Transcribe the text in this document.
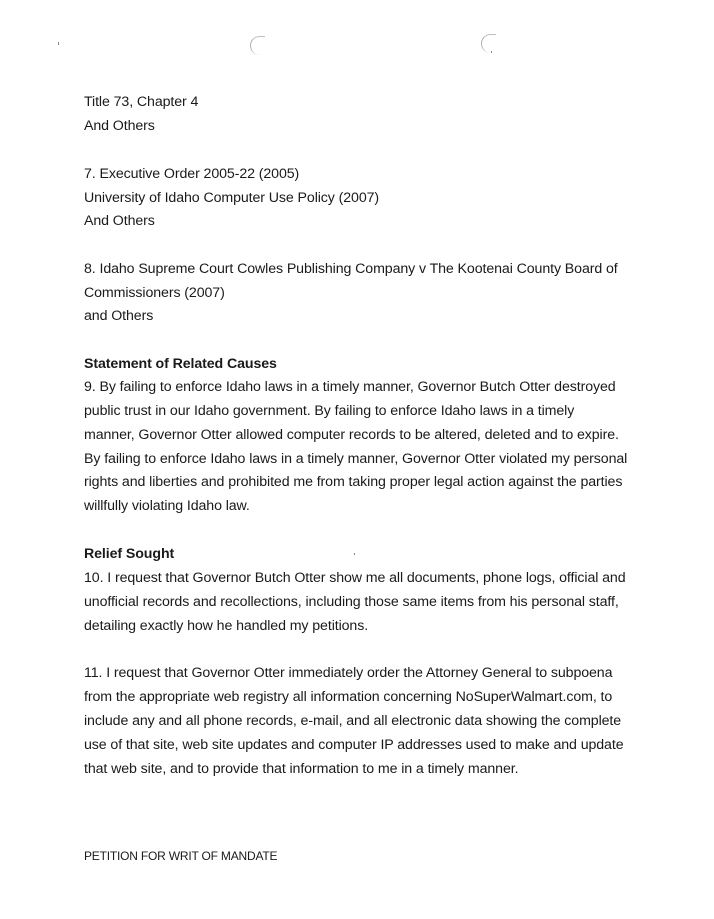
Title 73, Chapter 4
And Others
7. Executive Order 2005-22 (2005)
University of Idaho Computer Use Policy (2007)
And Others
8. Idaho Supreme Court Cowles Publishing Company v The Kootenai County Board of
Commissioners (2007)
and Others
Statement of Related Causes
9. By failing to enforce Idaho laws in a timely manner, Governor Butch Otter destroyed
public trust in our Idaho government. By failing to enforce Idaho laws in a timely
manner, Governor Otter allowed computer records to be altered, deleted and to expire.
By failing to enforce Idaho laws in a timely manner, Governor Otter violated my personal
rights and liberties and prohibited me from taking proper legal action against the parties
willfully violating Idaho law.
Relief Sought
10. I request that Governor Butch Otter show me all documents, phone logs, official and
unofficial records and recollections, including those same items from his personal staff,
detailing exactly how he handled my petitions.
11. I request that Governor Otter immediately order the Attorney General to subpoena
from the appropriate web registry all information concerning NoSuperWalmart.com, to
include any and all phone records, e-mail, and all electronic data showing the complete
use of that site, web site updates and computer IP addresses used to make and update
that web site, and to provide that information to me in a timely manner.
PETITION FOR WRIT OF MANDATE
